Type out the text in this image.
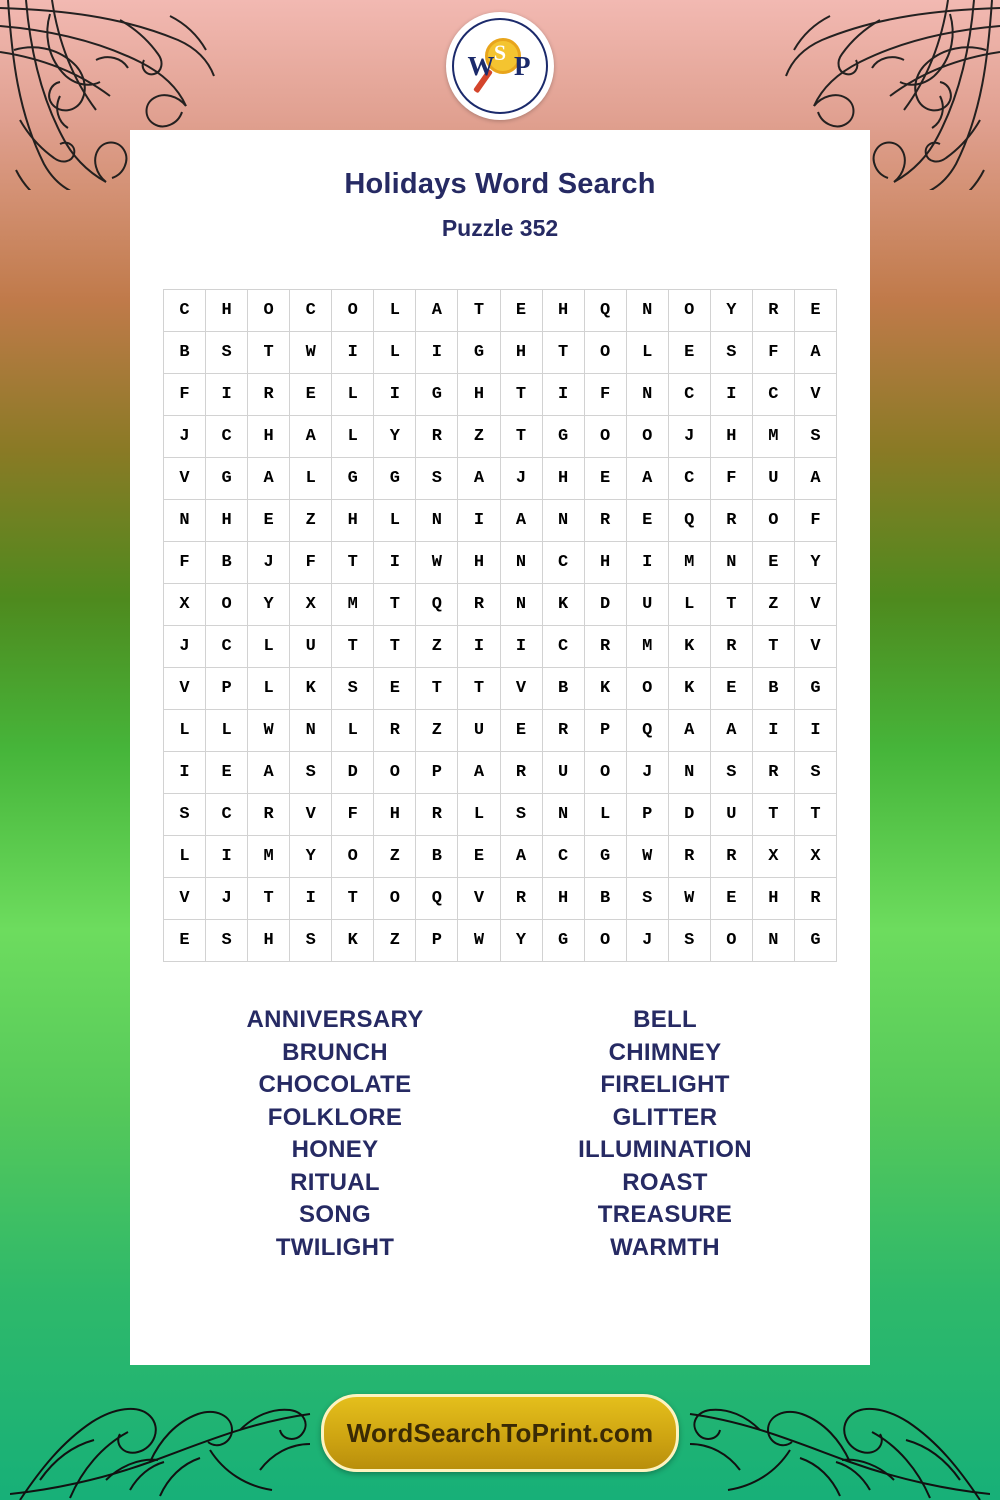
Holidays Word Search
Puzzle 352
C	H	O	C	O	L	A	T	E	H	Q	N	O	Y	R	E
B	S	T	W	I	L	I	G	H	T	O	L	E	S	F	A
F	I	R	E	L	I	G	H	T	I	F	N	C	I	C	V
J	C	H	A	L	Y	R	Z	T	G	O	O	J	H	M	S
V	G	A	L	G	G	S	A	J	H	E	A	C	F	U	A
N	H	E	Z	H	L	N	I	A	N	R	E	Q	R	O	F
F	B	J	F	T	I	W	H	N	C	H	I	M	N	E	Y
X	O	Y	X	M	T	Q	R	N	K	D	U	L	T	Z	V
J	C	L	U	T	T	Z	I	I	C	R	M	K	R	T	V
V	P	L	K	S	E	T	T	V	B	K	O	K	E	B	G
L	L	W	N	L	R	Z	U	E	R	P	Q	A	A	I	I
I	E	A	S	D	O	P	A	R	U	O	J	N	S	R	S
S	C	R	V	F	H	R	L	S	N	L	P	D	U	T	T
L	I	M	Y	O	Z	B	E	A	C	G	W	R	R	X	X
V	J	T	I	T	O	Q	V	R	H	B	S	W	E	H	R
E	S	H	S	K	Z	P	W	Y	G	O	J	S	O	N	G
ANNIVERSARY
BRUNCH
CHOCOLATE
FOLKLORE
HONEY
RITUAL
SONG
TWILIGHT
BELL
CHIMNEY
FIRELIGHT
GLITTER
ILLUMINATION
ROAST
TREASURE
WARMTH
W P
S
WordSearchToPrint.com
